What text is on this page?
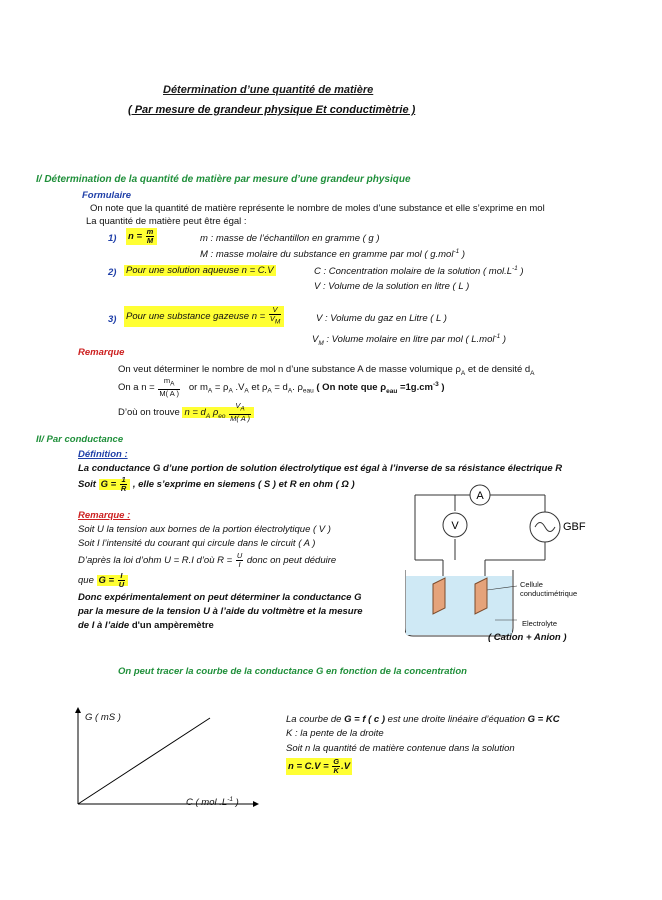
Détermination d’une quantité de matière
( Par mesure de grandeur physique Et conductimètrie )
I/ Détermination de la quantité de matière par mesure d’une grandeur physique
Formulaire
On note que la quantité de matière représente le nombre de moles d’une substance et elle s’exprime en mol
La quantité de matière peut être égal :
1) $n = \frac{m}{M}$	m : masse de l’échantillon en gramme ( g )
M : masse molaire du substance en gramme par mol ( g.mol$^{-1}$ )
2) Pour une solution aqueuse n = C.V	C : Concentration molaire de la solution ( $mol.L^{-1}$ )
V : Volume de la solution en litre ( L )
3) Pour une substance gazeuse $n = \frac{V}{V_M}$	V : Volume du gaz en Litre ( L )
$V_M$ : Volume molaire en litre par mol ( L.mol$^{-1}$ )
Remarque
On veut déterminer le nombre de mol n d’une substance A de masse volumique $\rho_A$ et de densité $d_A$
On a $n = \frac{m_A}{M( A )}$ or $m_A = \rho_A$ $.V_A$ et $\rho_A = d_A$. $\rho_{eau}$ ( On note que $\rho_{eau} =1g.cm^{-3}$ )
D’où on trouve $n = d_A$ $\rho_{eo} \frac{V_A}{M( A )}$
II/ Par conductance
Définition :
La conductance G d’une portion de solution électrolytique est égal à l’inverse de sa résistance électrique R
Soit $G = \frac{1}{R}$ , elle s’exprime en siemens ( S ) et R en ohm ( Ω )
Remarque :
Soit U la tension aux bornes de la portion électrolytique ( V )
Soit I l’intensité du courant qui circule dans le circuit ( A )
D’après la loi d’ohm U = R.I d’où $R = \frac{U}{I}$ donc on peut déduire
que $G = \frac{I}{U}$
Donc expérimentalement on peut déterminer la conductance G
par la mesure de la tension U à l’aide du voltmètre et la mesure
de I à l’aide d'un ampèremètre
A
V	GBF
Cellule
conductimétrique
Electrolyte
( Cation + Anion )
On peut tracer la courbe de la conductance G en fonction de la concentration
G ( mS )
C ( mol $.L^{-1}$ )
La courbe de G = f ( c ) est une droite linéaire d’équation G = KC
K : la pente de la droite
Soit n la quantité de matière contenue dans la solution
$n = C.V = \frac{G}{K} .V$
